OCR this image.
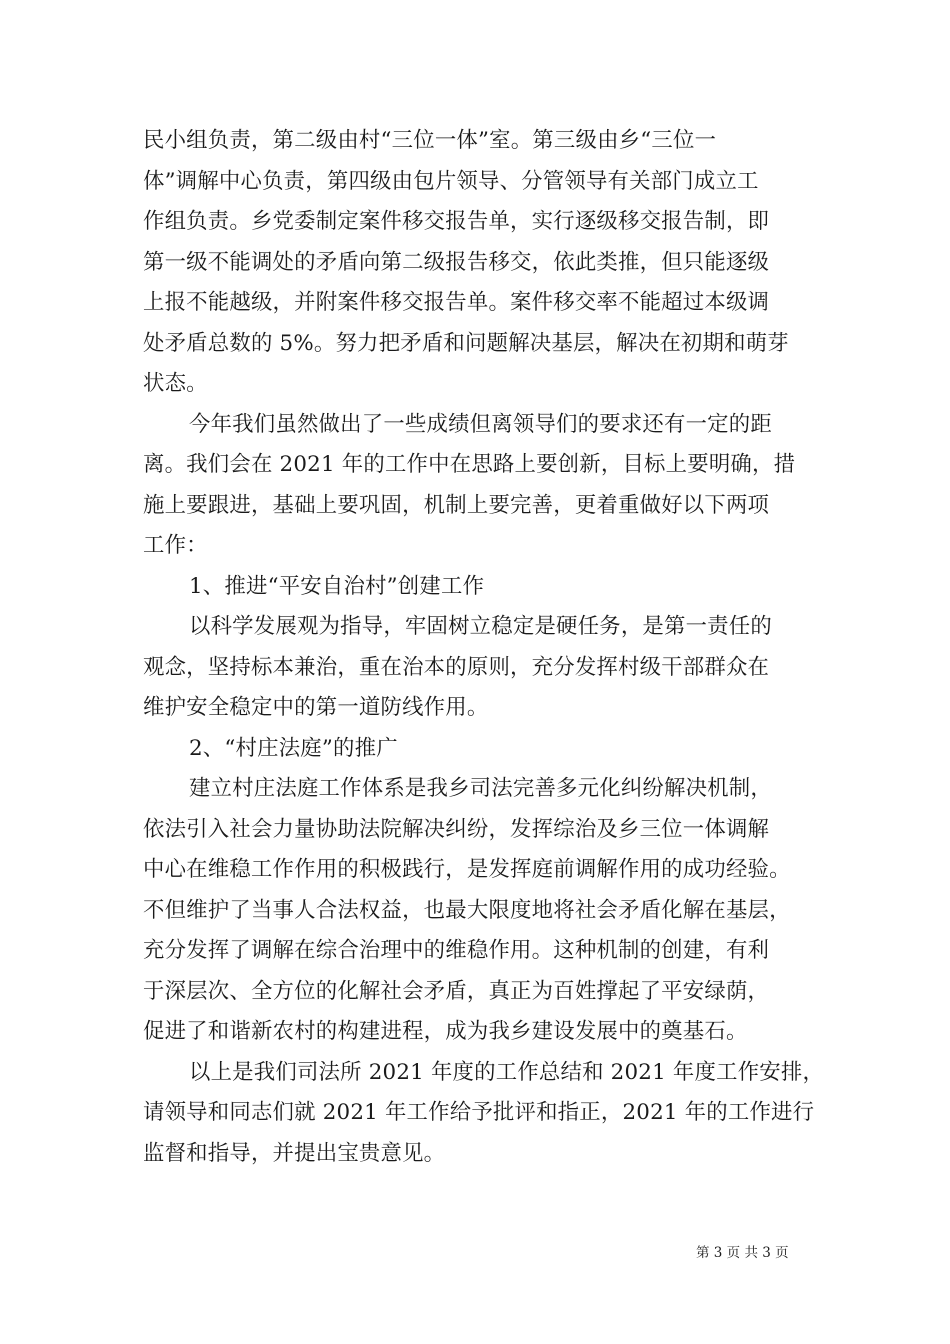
民小组负责，第二级由村“三位一体”室。第三级由乡“三位一
体”调解中心负责，第四级由包片领导、分管领导有关部门成立工
作组负责。乡党委制定案件移交报告单，实行逐级移交报告制，即
第一级不能调处的矛盾向第二级报告移交，依此类推，但只能逐级
上报不能越级，并附案件移交报告单。案件移交率不能超过本级调
处矛盾总数的 5%。努力把矛盾和问题解决基层，解决在初期和萌芽
状态。
今年我们虽然做出了一些成绩但离领导们的要求还有一定的距
离。我们会在 2021 年的工作中在思路上要创新，目标上要明确，措
施上要跟进，基础上要巩固，机制上要完善，更着重做好以下两项
工作：
1、推进“平安自治村”创建工作
以科学发展观为指导，牢固树立稳定是硬任务，是第一责任的
观念，坚持标本兼治，重在治本的原则，充分发挥村级干部群众在
维护安全稳定中的第一道防线作用。
2、“村庄法庭”的推广
建立村庄法庭工作体系是我乡司法完善多元化纠纷解决机制，
依法引入社会力量协助法院解决纠纷，发挥综治及乡三位一体调解
中心在维稳工作作用的积极践行，是发挥庭前调解作用的成功经验。
不但维护了当事人合法权益，也最大限度地将社会矛盾化解在基层，
充分发挥了调解在综合治理中的维稳作用。这种机制的创建，有利
于深层次、全方位的化解社会矛盾，真正为百姓撑起了平安绿荫，
促进了和谐新农村的构建进程，成为我乡建设发展中的奠基石。
以上是我们司法所 2021 年度的工作总结和 2021 年度工作安排，
请领导和同志们就 2021 年工作给予批评和指正，2021 年的工作进行
监督和指导，并提出宝贵意见。
第 3 页 共 3 页
